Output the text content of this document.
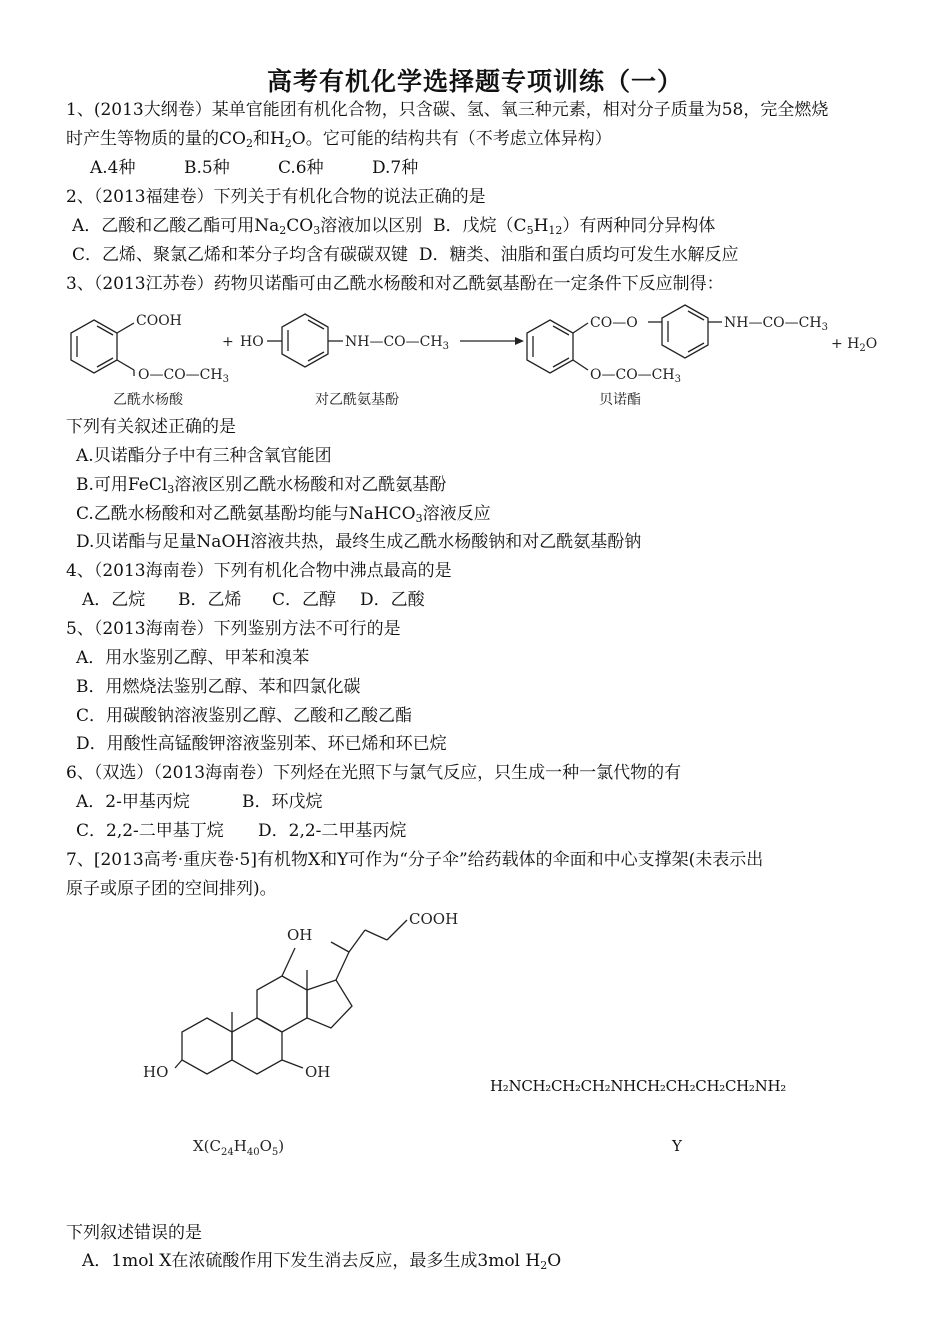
高考有机化学选择题专项训练（一）
1、(2013大纲卷）某单官能团有机化合物，只含碳、氢、氧三种元素，相对分子质量为58，完全燃烧
时产生等物质的量的$CO_2$和$H_2O$。它可能的结构共有（不考虑立体异构）
A.4种	B.5种	C.6种	D.7种
2、（2013福建卷）下列关于有机化合物的说法正确的是
A．乙酸和乙酸乙酯可用$Na_2CO_3$溶液加以区别 B．戊烷$(C_5H_{12})$有两种同分异构体
C．乙烯、聚氯乙烯和苯分子均含有碳碳双键 D．糖类、油脂和蛋白质均可发生水解反应
3、（2013江苏卷）药物贝诺酯可由乙酰水杨酸和对乙酰氨基酚在一定条件下反应制得：
COOH
$O—CO—CH_3$
+ HO	$NH—CO—CH_3$
CO—O	$NH—CO—CH_3$
$O—CO—CH_3$
+ $H_2O$
乙酰水杨酸	对乙酰氨基酚	贝诺酯
下列有关叙述正确的是
A.贝诺酯分子中有三种含氧官能团
B.可用FeCl$_3$溶液区别乙酰水杨酸和对乙酰氨基酚
C.乙酰水杨酸和对乙酰氨基酚均能与NaHCO$_3$溶液反应
D.贝诺酯与足量NaOH溶液共热，最终生成乙酰水杨酸钠和对乙酰氨基酚钠
4、（2013海南卷）下列有机化合物中沸点最高的是
A．乙烷 B．乙烯 C．乙醇 D．乙酸
5、（2013海南卷）下列鉴别方法不可行的是
A．用水鉴别乙醇、甲苯和溴苯
B．用燃烧法鉴别乙醇、苯和四氯化碳
C．用碳酸钠溶液鉴别乙醇、乙酸和乙酸乙酯
D．用酸性高锰酸钾溶液鉴别苯、环已烯和环已烷
6、（双选）（2013海南卷）下列烃在光照下与氯气反应，只生成一种一氯代物的有
A．2-甲基丙烷	B．环戊烷
C．2,2-二甲基丁烷 D．2,2-二甲基丙烷
7、[2013高考·重庆卷·5]有机物X和Y可作为“分子伞”给药载体的伞面和中心支撑架(未表示出
原子或原子团的空间排列)。
COOH
OH
OH
HO
$X(C_{24}H_{40}O_5)$
H₂NCH₂CH₂CH₂NHCH₂CH₂CH₂CH₂NH₂
Y
下列叙述错误的是
A．1mol X在浓硫酸作用下发生消去反应，最多生成3mol $H_2O$
